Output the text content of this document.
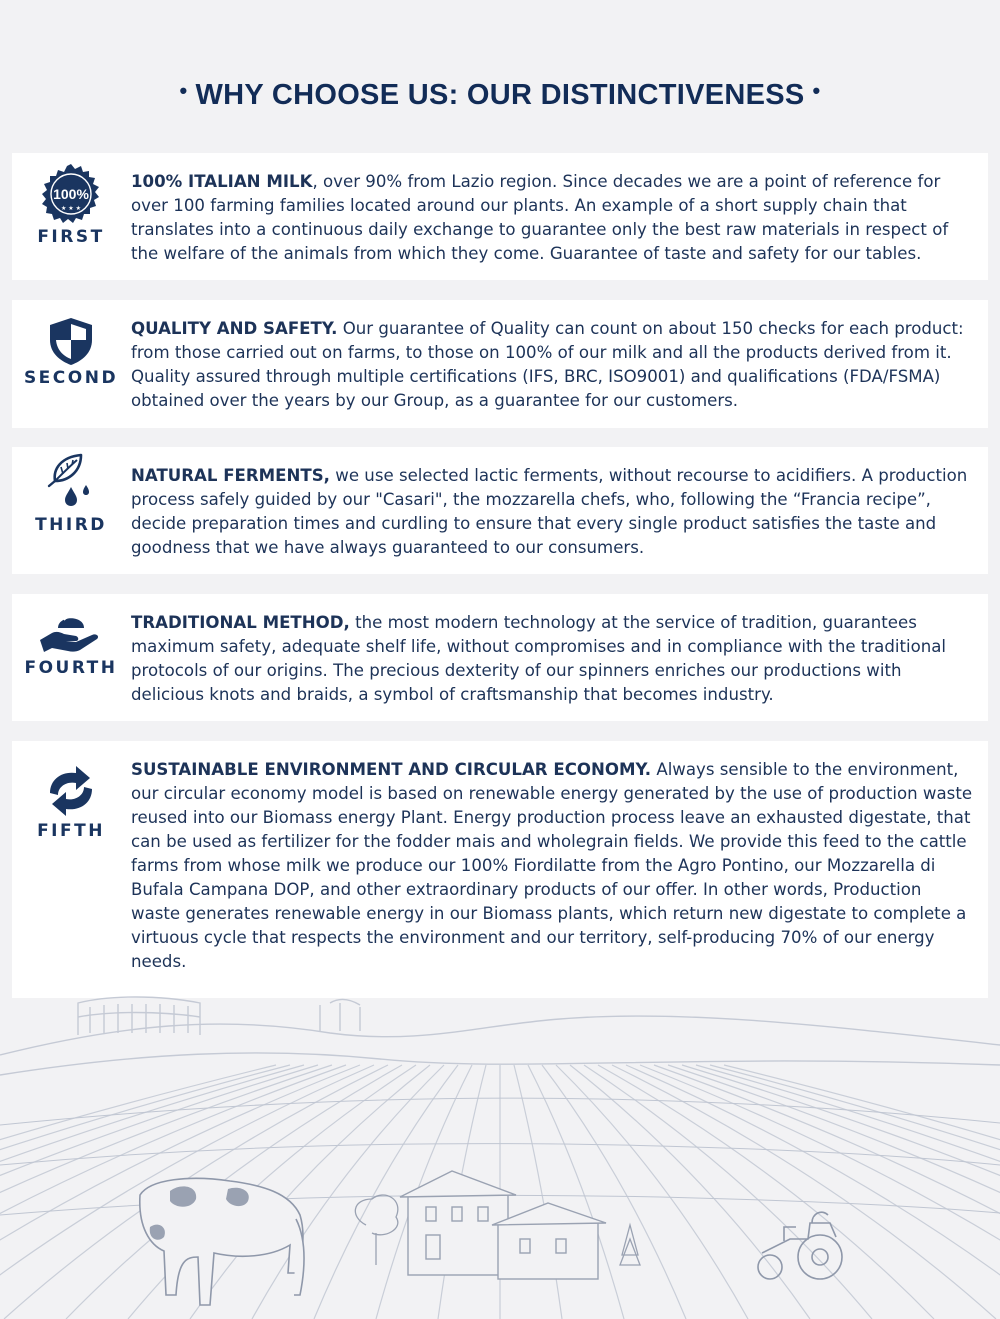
• WHY CHOOSE US: OUR DISTINCTIVENESS •
100%
★ ★ ★
FIRST

100% ITALIAN MILK, over 90% from Lazio region. Since decades we are a point of reference for over 100 farming families located around our plants. An example of a short supply chain that translates into a continuous daily exchange to guarantee only the best raw materials in respect of the welfare of the animals from which they come. Guarantee of taste and safety for our tables.

SECOND

QUALITY AND SAFETY. Our guarantee of Quality can count on about 150 checks for each product: from those carried out on farms, to those on 100% of our milk and all the products derived from it. Quality assured through multiple certifications (IFS, BRC, ISO9001) and qualifications (FDA/FSMA) obtained over the years by our Group, as a guarantee for our customers.

THIRD

NATURAL FERMENTS, we use selected lactic ferments, without recourse to acidifiers. A production process safely guided by our "Casari", the mozzarella chefs, who, following the “Francia recipe”, decide preparation times and curdling to ensure that every single product satisfies the taste and goodness that we have always guaranteed to our consumers.

FOURTH

TRADITIONAL METHOD, the most modern technology at the service of tradition, guarantees maximum safety, adequate shelf life, without compromises and in compliance with the traditional protocols of our origins. The precious dexterity of our spinners enriches our productions with delicious knots and braids, a symbol of craftsmanship that becomes industry.

FIFTH

SUSTAINABLE ENVIRONMENT AND CIRCULAR ECONOMY. Always sensible to the environment, our circular economy model is based on renewable energy generated by the use of production waste reused into our Biomass energy Plant. Energy production process leave an exhausted digestate, that can be used as fertilizer for the fodder mais and wholegrain fields. We provide this feed to the cattle farms from whose milk we produce our 100% Fiordilatte from the Agro Pontino, our Mozzarella di Bufala Campana DOP, and other extraordinary products of our offer. In other words, Production waste generates renewable energy in our Biomass plants, which return new digestate to complete a virtuous cycle that respects the environment and our territory, self-producing 70% of our energy needs.
